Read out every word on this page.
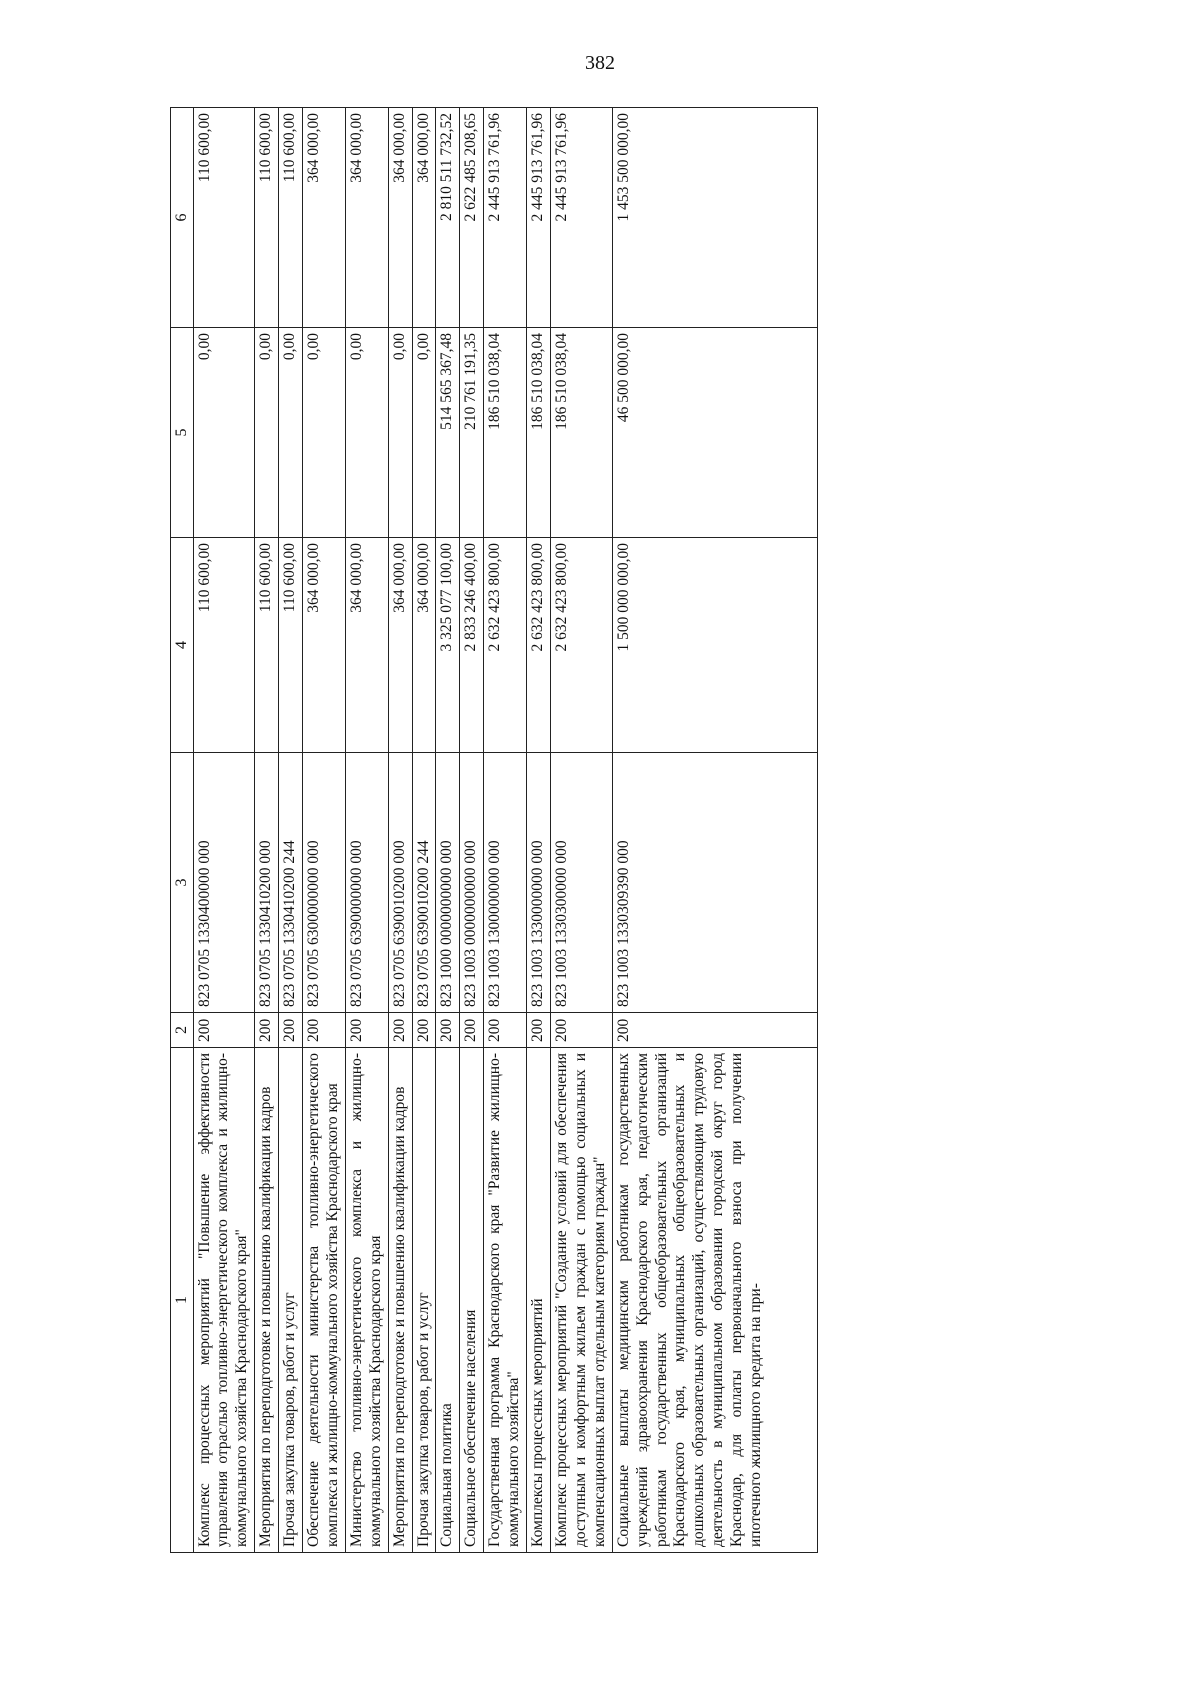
382
1	2	3	4	5	6
Комплекс процессных мероприятий "Повышение эффективности управления отраслью топливно-энергетического комплекса и жилищно-коммунального хозяйства Краснодарского края"	200	823 0705 1330400000 000	110 600,00	0,00	110 600,00
Мероприятия по переподготовке и повышению квалификации кадров	200	823 0705 1330410200 000	110 600,00	0,00	110 600,00
Прочая закупка товаров, работ и услуг	200	823 0705 1330410200 244	110 600,00	0,00	110 600,00
Обеспечение деятельности министерства топливно-энергетического комплекса и жилищно-коммунального хозяйства Краснодарского края	200	823 0705 6300000000 000	364 000,00	0,00	364 000,00
Министерство топливно-энергетического комплекса и жилищно-коммунального хозяйства Краснодарского края	200	823 0705 6390000000 000	364 000,00	0,00	364 000,00
Мероприятия по переподготовке и повышению квалификации кадров	200	823 0705 6390010200 000	364 000,00	0,00	364 000,00
Прочая закупка товаров, работ и услуг	200	823 0705 6390010200 244	364 000,00	0,00	364 000,00
Социальная политика	200	823 1000 0000000000 000	3 325 077 100,00	514 565 367,48	2 810 511 732,52
Социальное обеспечение населения	200	823 1003 0000000000 000	2 833 246 400,00	210 761 191,35	2 622 485 208,65
Государственная программа Краснодарского края "Развитие жилищно-коммунального хозяйства"	200	823 1003 1300000000 000	2 632 423 800,00	186 510 038,04	2 445 913 761,96
Комплексы процессных мероприятий	200	823 1003 1330000000 000	2 632 423 800,00	186 510 038,04	2 445 913 761,96
Комплекс процессных мероприятий "Создание условий для обеспечения доступным и комфортным жильем граждан с помощью социальных и компенсационных выплат отдельным категориям граждан"	200	823 1003 1330300000 000	2 632 423 800,00	186 510 038,04	2 445 913 761,96
Социальные выплаты медицинским работникам государственных учреждений здравоохранения Краснодарского края, педагогическим работникам государственных общеобразовательных организаций Краснодарского края, муниципальных общеобразовательных и дошкольных образовательных организаций, осуществляющим трудовую деятельность в муниципальном образовании городской округ город Краснодар, для оплаты первоначального взноса при получении ипотечного жилищного кредита на при-	200	823 1003 1330309390 000	1 500 000 000,00	46 500 000,00	1 453 500 000,00
